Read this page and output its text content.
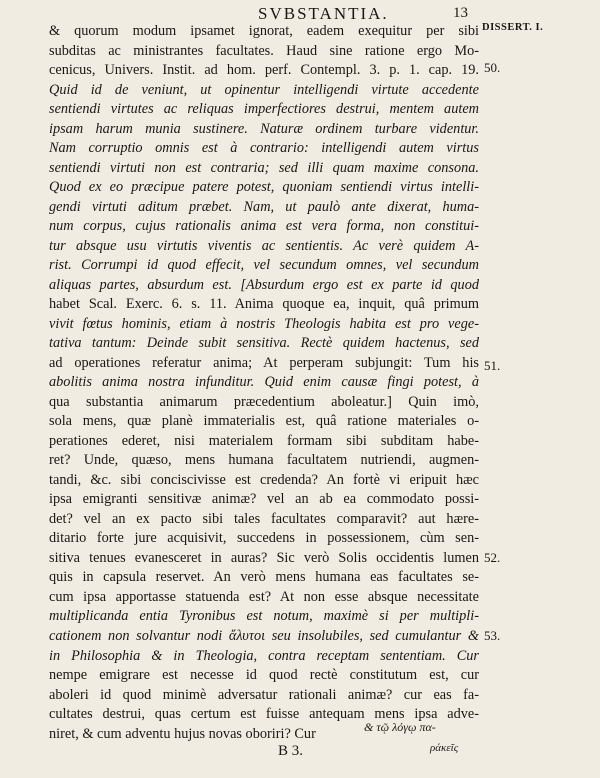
SVBSTANTIA.	13
DISSERT. I.
50.
51.
52.
53.
& quorum modum ipsamet ignorat, eadem exequitur per sibi
subditas ac ministrantes facultates. Haud sine ratione ergo Mo-
cenicus, Univers. Instit. ad hom. perf. Contempl. 3. p. 1. cap. 19.
Quid id de veniunt, ut opinentur intelligendi virtute accedente
sentiendi virtutes ac reliquas imperfectiores destrui, mentem autem
ipsam harum munia sustinere. Naturæ ordinem turbare videntur.
Nam corruptio omnis est à contrario: intelligendi autem virtus
sentiendi virtuti non est contraria; sed illi quam maxime consona.
Quod ex eo præcipue patere potest, quoniam sentiendi virtus intelli-
gendi virtuti aditum præbet. Nam, ut paulò ante dixerat, huma-
num corpus, cujus rationalis anima est vera forma, non constitui-
tur absque usu virtutis viventis ac sentientis. Ac verè quidem A-
rist. Corrumpi id quod effecit, vel secundum omnes, vel secundum
aliquas partes, absurdum est. [Absurdum ergo est ex parte id quod
habet Scal. Exerc. 6. s. 11. Anima quoque ea, inquit, quâ primum
vivit fœtus hominis, etiam à nostris Theologis habita est pro vege-
tativa tantum: Deinde subit sensitiva. Rectè quidem hactenus, sed
ad operationes referatur anima; At perperam subjungit: Tum his
abolitis anima nostra infunditur. Quid enim causæ fingi potest, à
qua substantia animarum præcedentium aboleatur.] Quin imò,
sola mens, quæ planè immaterialis est, quâ ratione materiales o-
perationes ederet, nisi materialem formam sibi subditam habe-
ret? Unde, quæso, mens humana facultatem nutriendi, augmen-
tandi, &c. sibi conciscivisse est credenda? An fortè vi eripuit hæc
ipsa emigranti sensitivæ animæ? vel an ab ea commodato possi-
det? vel an ex pacto sibi tales facultates comparavit? aut hære-
ditario forte jure acquisivit, succedens in possessionem, cùm sen-
sitiva tenues evanesceret in auras? Sic verò Solis occidentis lumen
quis in capsula reservet. An verò mens humana eas facultates se-
cum ipsa apportasse statuenda est? At non esse absque necessitate
multiplicanda entia Tyronibus est notum, maximè si per multipli-
cationem non solvantur nodi ἄλυτοι seu insolubiles, sed cumulantur &
in Philosophia & in Theologia, contra receptam sententiam. Cur
nempe emigrare est necesse id quod rectè constitutum est, cur
aboleri id quod minimè adversatur rationali animæ? cur eas fa-
cultates destrui, quas certum est fuisse antequam mens ipsa adve-
niret, & cum adventu hujus novas oboriri? Cur	& τῷ λόγῳ πα-
ράκεῖς
B 3.
